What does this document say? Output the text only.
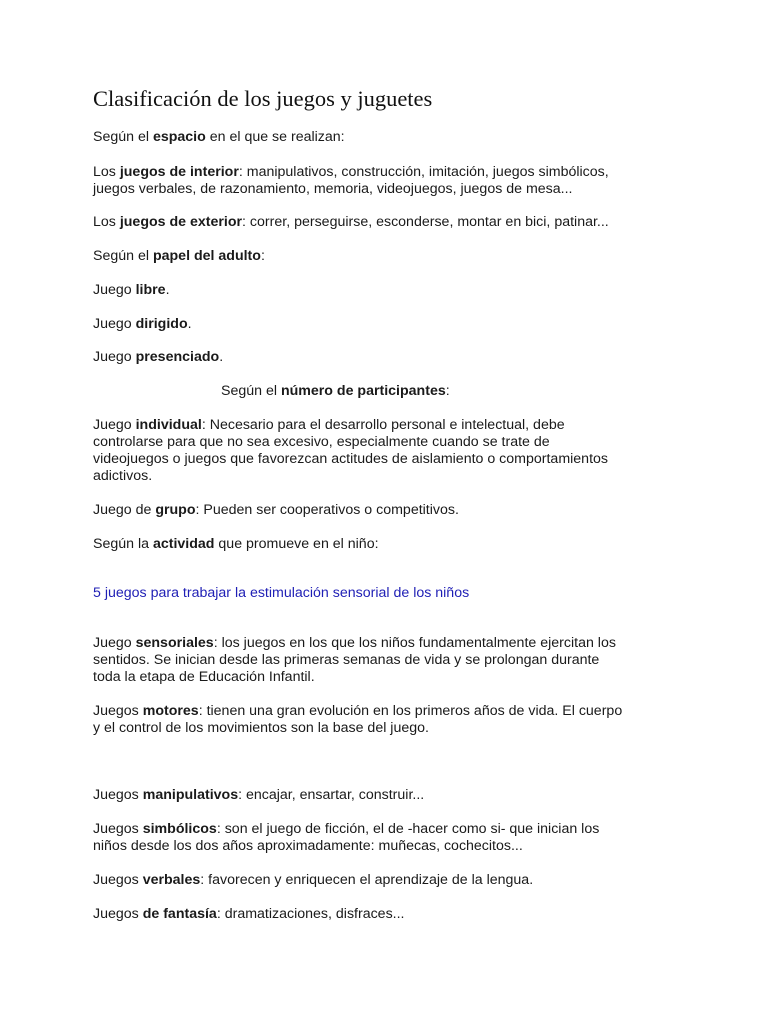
Clasificación de los juegos y juguetes
Según el espacio en el que se realizan:
Los juegos de interior: manipulativos, construcción, imitación, juegos simbólicos,
juegos verbales, de razonamiento, memoria, videojuegos, juegos de mesa...
Los juegos de exterior: correr, perseguirse, esconderse, montar en bici, patinar...
Según el papel del adulto:
Juego libre.
Juego dirigido.
Juego presenciado.
Según el número de participantes:
Juego individual: Necesario para el desarrollo personal e intelectual, debe
controlarse para que no sea excesivo, especialmente cuando se trate de
videojuegos o juegos que favorezcan actitudes de aislamiento o comportamientos
adictivos.
Juego de grupo: Pueden ser cooperativos o competitivos.
Según la actividad que promueve en el niño:
5 juegos para trabajar la estimulación sensorial de los niños
Juego sensoriales: los juegos en los que los niños fundamentalmente ejercitan los
sentidos. Se inician desde las primeras semanas de vida y se prolongan durante
toda la etapa de Educación Infantil.
Juegos motores: tienen una gran evolución en los primeros años de vida. El cuerpo
y el control de los movimientos son la base del juego.
Juegos manipulativos: encajar, ensartar, construir...
Juegos simbólicos: son el juego de ficción, el de -hacer como si- que inician los
niños desde los dos años aproximadamente: muñecas, cochecitos...
Juegos verbales: favorecen y enriquecen el aprendizaje de la lengua.
Juegos de fantasía: dramatizaciones, disfraces...
